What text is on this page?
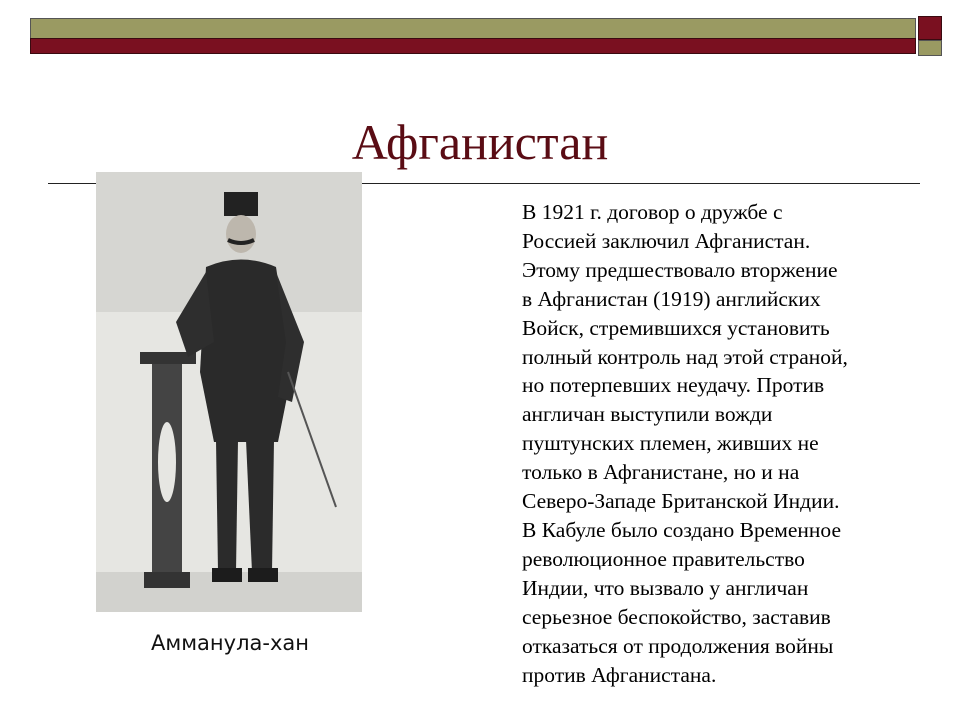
Афганистан
Амманула-хан
В 1921 г. договор о дружбе с
Россией заключил Афганистан.
Этому предшествовало вторжение
в Афганистан (1919) английских
Войск, стремившихся установить
полный контроль над этой страной,
но потерпевших неудачу. Против
англичан выступили вожди
пуштунских племен, живших не
только в Афганистане, но и на
Северо-Западе Британской Индии.
В Кабуле было создано Временное
революционное правительство
Индии, что вызвало у англичан
серьезное беспокойство, заставив
отказаться от продолжения войны
против Афганистана.
